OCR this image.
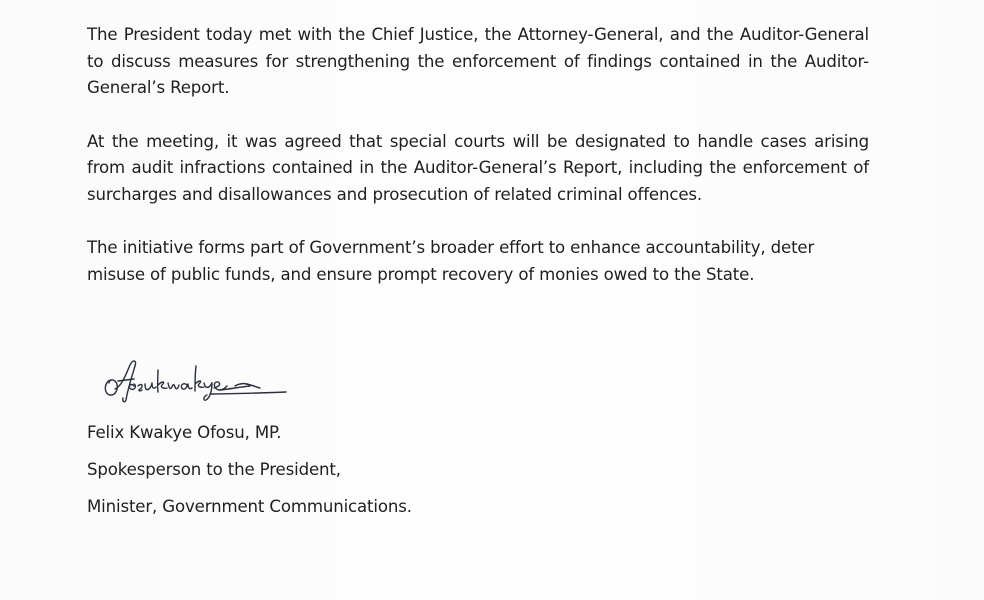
The President today met with the Chief Justice, the Attorney-General, and the Auditor-General to discuss measures for strengthening the enforcement of findings contained in the Auditor-General’s Report.

At the meeting, it was agreed that special courts will be designated to handle cases arising from audit infractions contained in the Auditor-General’s Report, including the enforcement of surcharges and disallowances and prosecution of related criminal offences.

The initiative forms part of Government’s broader effort to enhance accountability, deter misuse of public funds, and ensure prompt recovery of monies owed to the State.

Felix Kwakye Ofosu, MP.
Spokesperson to the President,
Minister, Government Communications.
